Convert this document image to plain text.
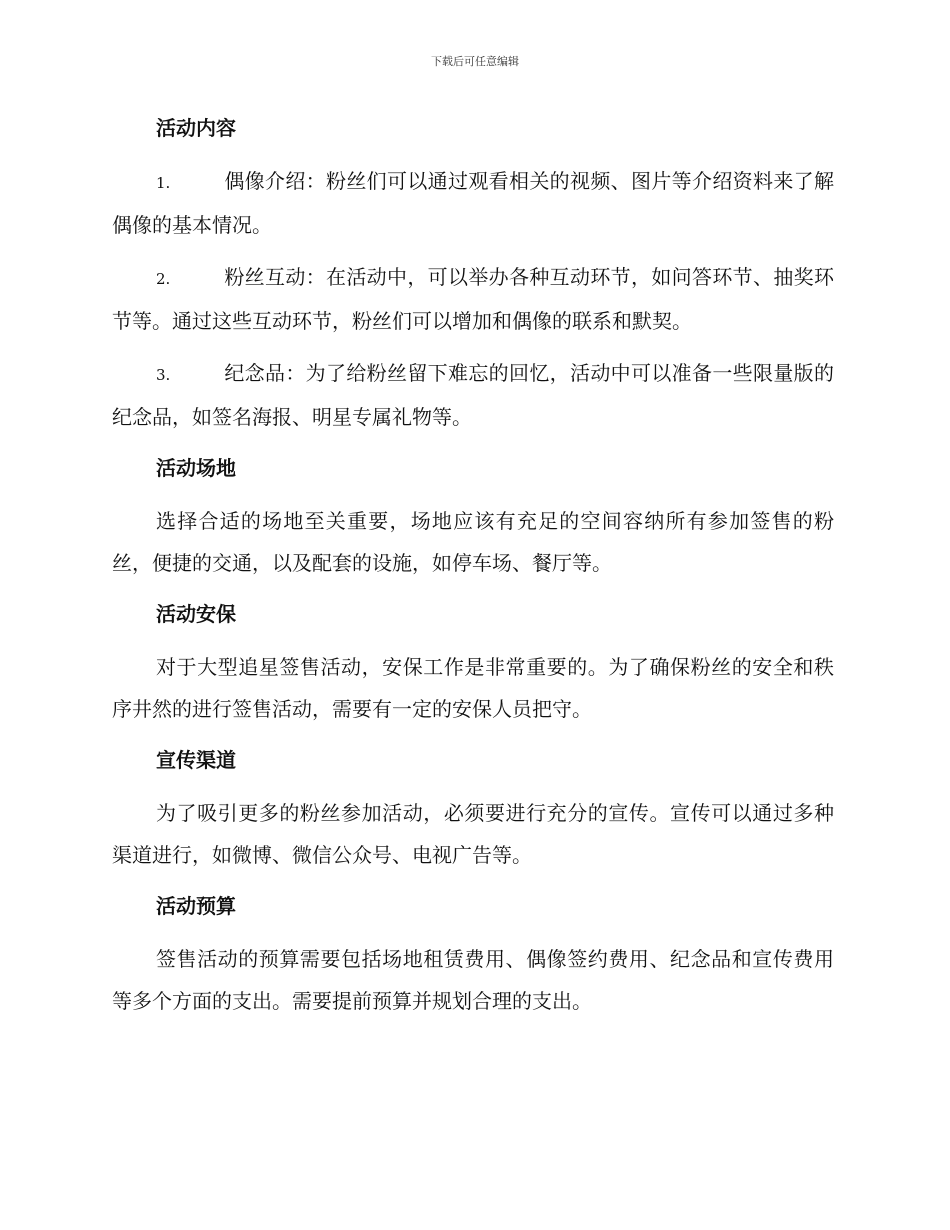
下载后可任意编辑
活动内容

1.	偶像介绍：粉丝们可以通过观看相关的视频、图片等介绍资料来了解偶像的基本情况。

2.	粉丝互动：在活动中，可以举办各种互动环节，如问答环节、抽奖环节等。通过这些互动环节，粉丝们可以增加和偶像的联系和默契。

3.	纪念品：为了给粉丝留下难忘的回忆，活动中可以准备一些限量版的纪念品，如签名海报、明星专属礼物等。

活动场地

选择合适的场地至关重要，场地应该有充足的空间容纳所有参加签售的粉丝，便捷的交通，以及配套的设施，如停车场、餐厅等。

活动安保

对于大型追星签售活动，安保工作是非常重要的。为了确保粉丝的安全和秩序井然的进行签售活动，需要有一定的安保人员把守。

宣传渠道

为了吸引更多的粉丝参加活动，必须要进行充分的宣传。宣传可以通过多种渠道进行，如微博、微信公众号、电视广告等。

活动预算

签售活动的预算需要包括场地租赁费用、偶像签约费用、纪念品和宣传费用等多个方面的支出。需要提前预算并规划合理的支出。
